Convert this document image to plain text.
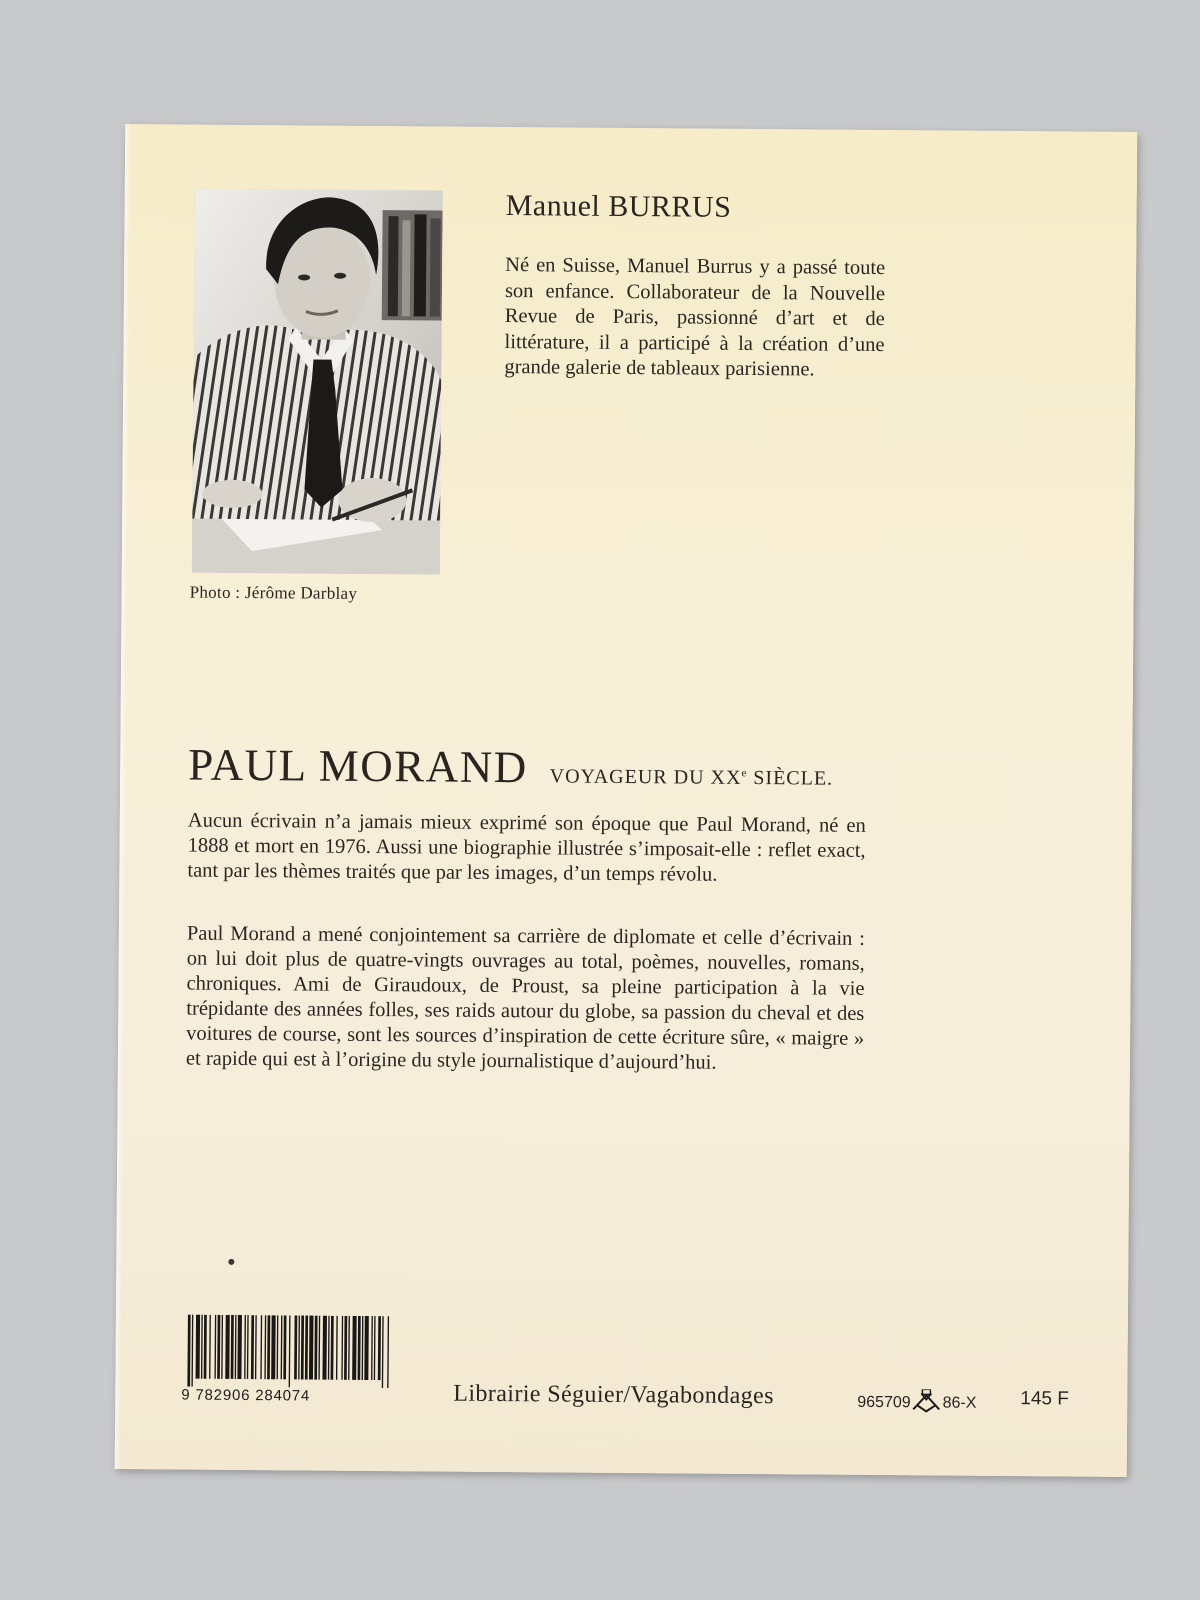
Photo : Jérôme Darblay
Manuel BURRUS
Né en Suisse, Manuel Burrus y a passé toute son enfance. Collaborateur de la Nouvelle Revue de Paris, passionné d’art et de littérature, il a participé à la création d’une grande galerie de tableaux parisienne.
PAUL MORAND VOYAGEUR DU XXe SIÈCLE.
Aucun écrivain n’a jamais mieux exprimé son époque que Paul Morand, né en 1888 et mort en 1976. Aussi une biographie illustrée s’imposait-elle : reflet exact, tant par les thèmes traités que par les images, d’un temps révolu.
Paul Morand a mené conjointement sa carrière de diplomate et celle d’écrivain : on lui doit plus de quatre-vingts ouvrages au total, poèmes, nouvelles, romans, chroniques. Ami de Giraudoux, de Proust, sa pleine participation à la vie trépidante des années folles, ses raids autour du globe, sa passion du cheval et des voitures de course, sont les sources d’inspiration de cette écriture sûre, « maigre » et rapide qui est à l’origine du style journalistique d’aujourd’hui.
9 782906 284074	Librairie Séguier/Vagabondages	965709 86-X 145 F
